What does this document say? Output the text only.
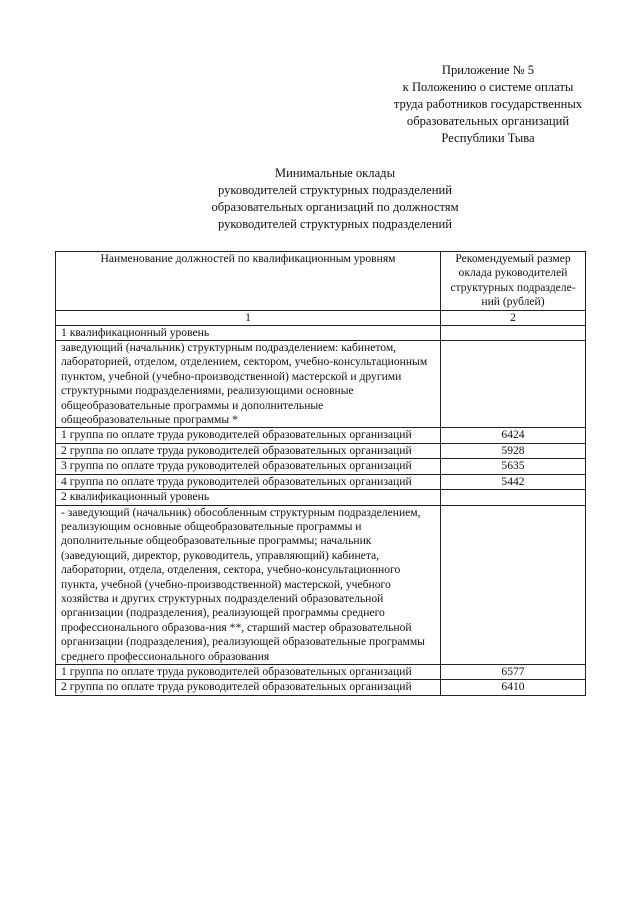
Приложение № 5
к Положению о системе оплаты
труда работников государственных
образовательных организаций
Республики Тыва
Минимальные оклады
руководителей структурных подразделений
образовательных организаций по должностям
руководителей структурных подразделений
Наименование должностей по квалификационным уровням	Рекомендуемый размер оклада руководителей структурных подразделе-ний (рублей)
1	2
1 квалификационный уровень	
заведующий (начальник) структурным подразделением: кабинетом, лабораторией, отделом, отделением, сектором, учебно-консультационным пунктом, учебной (учебно-производственной) мастерской и другими структурными подразделениями, реализующими основные общеобразовательные программы и дополнительные общеобразовательные программы *	
1 группа по оплате труда руководителей образовательных организаций	6424
2 группа по оплате труда руководителей образовательных организаций	5928
3 группа по оплате труда руководителей образовательных организаций	5635
4 группа по оплате труда руководителей образовательных организаций	5442
2 квалификационный уровень	
- заведующий (начальник) обособленным структурным подразделением, реализующим основные общеобразовательные программы и дополнительные общеобразовательные программы; начальник (заведующий, директор, руководитель, управляющий) кабинета, лаборатории, отдела, отделения, сектора, учебно-консультационного пункта, учебной (учебно-производственной) мастерской, учебного хозяйства и других структурных подразделений образовательной организации (подразделения), реализующей программы среднего профессионального образова-ния **, старший мастер образовательной организации (подразделения), реализующей образовательные программы среднего профессионального образования	
1 группа по оплате труда руководителей образовательных организаций	6577
2 группа по оплате труда руководителей образовательных организаций	6410
